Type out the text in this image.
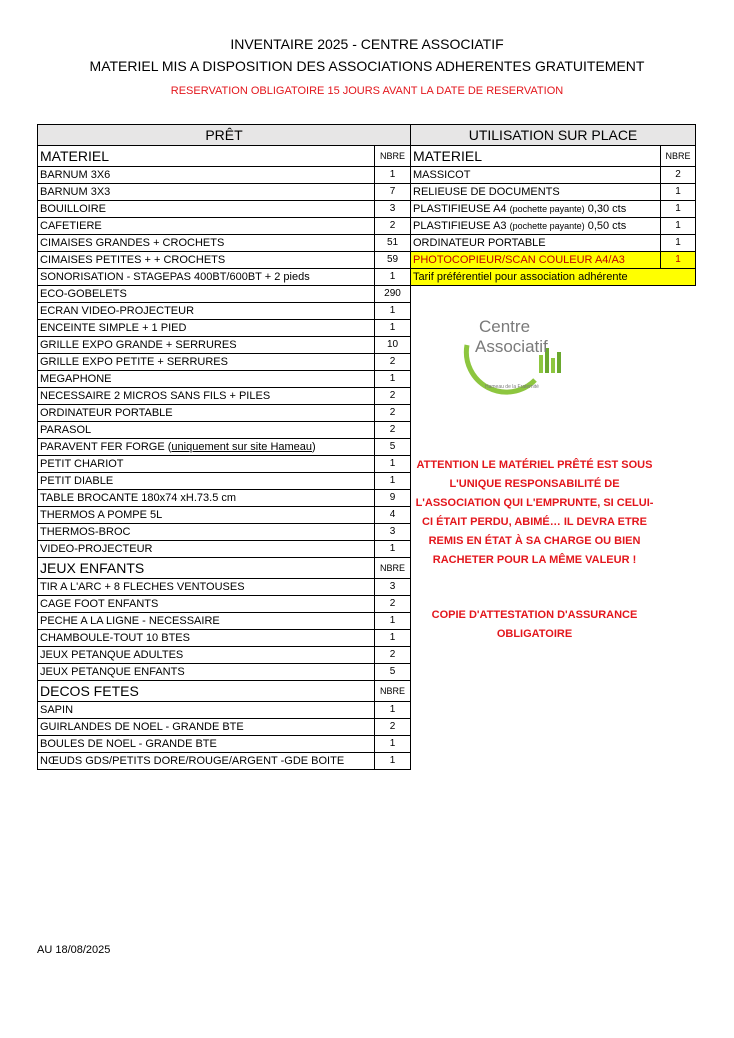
INVENTAIRE 2025 - CENTRE ASSOCIATIF
MATERIEL MIS A DISPOSITION DES ASSOCIATIONS ADHERENTES GRATUITEMENT
RESERVATION OBLIGATOIRE 15 JOURS AVANT LA DATE DE RESERVATION
PRÊT	
MATERIEL	NBRE
BARNUM 3X6	1
BARNUM 3X3	7
BOUILLOIRE	3
CAFETIERE	2
CIMAISES GRANDES + CROCHETS	51
CIMAISES PETITES + + CROCHETS	59
SONORISATION - STAGEPAS 400BT/600BT + 2 pieds	1
ECO-GOBELETS	290
ECRAN VIDEO-PROJECTEUR	1
ENCEINTE SIMPLE + 1 PIED	1
GRILLE EXPO GRANDE + SERRURES	10
GRILLE EXPO PETITE + SERRURES	2
MEGAPHONE	1
NECESSAIRE 2 MICROS SANS FILS + PILES	2
ORDINATEUR PORTABLE	2
PARASOL	2
PARAVENT FER FORGE (uniquement sur site Hameau)	5
PETIT CHARIOT	1
PETIT DIABLE	1
TABLE BROCANTE 180x74 xH.73.5 cm	9
THERMOS A POMPE 5L	4
THERMOS-BROC	3
VIDEO-PROJECTEUR	1
JEUX ENFANTS	NBRE
TIR A L'ARC + 8 FLECHES VENTOUSES	3
CAGE FOOT ENFANTS	2
PECHE A LA LIGNE - NECESSAIRE	1
CHAMBOULE-TOUT 10 BTES	1
JEUX PETANQUE ADULTES	2
JEUX PETANQUE ENFANTS	5
DECOS FETES	NBRE
SAPIN	1
GUIRLANDES DE NOEL - GRANDE BTE	2
BOULES DE NOEL - GRANDE BTE	1
NŒUDS GDS/PETITS DORE/ROUGE/ARGENT -GDE BOITE	1
UTILISATION SUR PLACE	
MATERIEL	NBRE
MASSICOT	2
RELIEUSE DE DOCUMENTS	1
PLASTIFIEUSE A4 (pochette payante) 0,30 cts	1
PLASTIFIEUSE A3 (pochette payante) 0,50 cts	1
ORDINATEUR PORTABLE	1
PHOTOCOPIEUR/SCAN COULEUR A4/A3	1
Tarif préférentiel pour association adhérente	
Centre
Associatif
Hameau de la Fraternité
ATTENTION LE MATÉRIEL PRÊTÉ EST SOUS
L'UNIQUE RESPONSABILITÉ DE
L'ASSOCIATION QUI L'EMPRUNTE, SI CELUI-
CI ÉTAIT PERDU, ABIMÉ… IL DEVRA ETRE
REMIS EN ÉTAT À SA CHARGE OU BIEN
RACHETER POUR LA MÊME VALEUR !
COPIE D'ATTESTATION D'ASSURANCE
OBLIGATOIRE
AU 18/08/2025
